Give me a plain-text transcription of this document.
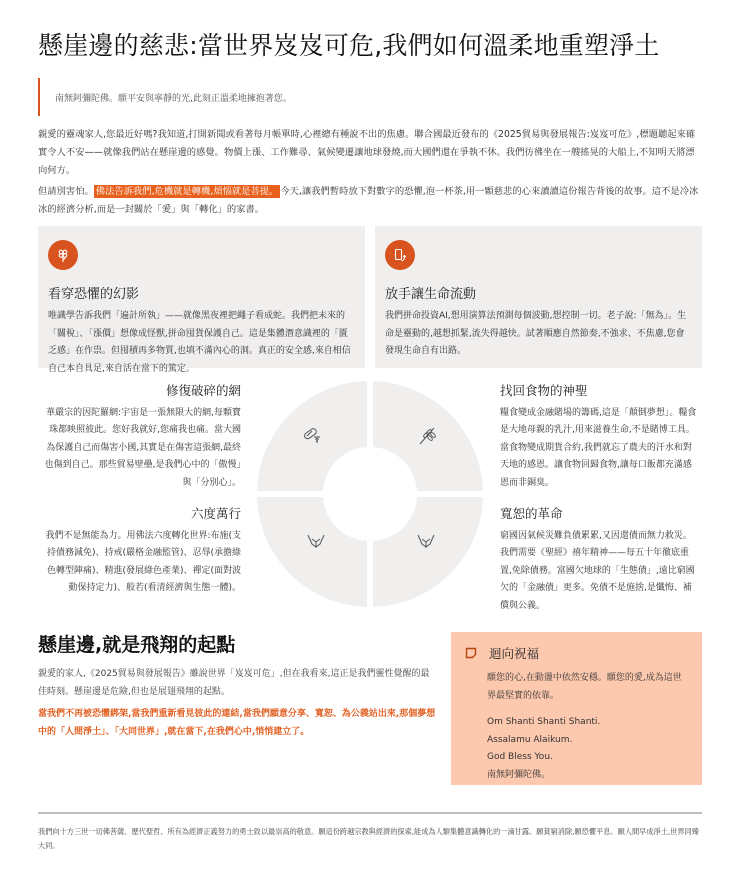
懸崖邊的慈悲:當世界岌岌可危,我們如何溫柔地重塑淨土
南無阿彌陀佛。願平安與寧靜的光,此刻正溫柔地擁抱著您。

親愛的靈魂家人,您最近好嗎?我知道,打開新聞或看著每月帳單時,心裡總有種說不出的焦慮。聯合國最近發布的《2025貿易與發展報告:岌岌可危》,標題聽起來確實令人不安——就像我們站在懸崖邊的感覺。物價上漲、工作難尋、氣候變遷讓地球發燒,而大國們還在爭執不休。我們彷彿坐在一艘搖晃的大船上,不知明天將漂向何方。

但請別害怕。 佛法告訴我們,危機就是轉機,煩惱就是菩提。 今天,讓我們暫時放下對數字的恐懼,泡一杯茶,用一顆慈悲的心來讀讀這份報告背後的故事。這不是冷冰冰的經濟分析,而是一封關於「愛」與「轉化」的家書。

看穿恐懼的幻影
唯識學告訴我們「遍計所執」——就像黑夜裡把繩子看成蛇。我們把未來的「關稅」、「漲價」想像成怪獸,拼命囤貨保護自己。這是集體潛意識裡的「匱乏感」在作祟。但囤積再多物質,也填不滿內心的洞。真正的安全感,來自相信自己本自具足,來自活在當下的篤定。
放手讓生命流動
我們拼命投資AI,想用演算法預測每個波動,想控制一切。老子說:「無為」。生命是靈動的,越想抓緊,流失得越快。試著順應自然節奏,不強求、不焦慮,您會發現生命自有出路。
修復破碎的網
華嚴宗的因陀羅網:宇宙是一張無限大的網,每顆寶珠都映照彼此。您好我就好,您痛我也痛。當大國為保護自己而傷害小國,其實是在傷害這張網,最終也傷到自己。那些貿易壁壘,是我們心中的「傲慢」與「分別心」。
找回食物的神聖
糧食變成金融賭場的籌碼,這是「顛倒夢想」。糧食是大地母親的乳汁,用來滋養生命,不是賭博工具。當食物變成期貨合約,我們就忘了農夫的汗水和對天地的感恩。讓食物回歸食物,讓每口飯都充滿感恩而非銅臭。
六度萬行
我們不是無能為力。用佛法六度轉化世界:布施(支持債務減免)、持戒(嚴格金融監管)、忍辱(承擔綠色轉型陣痛)、精進(發展綠色產業)、禪定(面對波動保持定力)、般若(看清經濟與生態一體)。
寬恕的革命
窮國因氣候災難負債累累,又因還債而無力救災。我們需要《聖經》禧年精神——每五十年徹底重置,免除債務。富國欠地球的「生態債」,遠比窮國欠的「金融債」更多。免債不是施捨,是懺悔、補償與公義。
懸崖邊,就是飛翔的起點

親愛的家人,《2025貿易與發展報告》雖說世界「岌岌可危」,但在我看來,這正是我們靈性覺醒的最佳時刻。懸崖邊是危險,但也是展翅飛翔的起點。

當我們不再被恐懼綁架,當我們重新看見彼此的連結,當我們願意分享、寬恕、為公義站出來,那個夢想中的「人間淨土」、「大同世界」,就在當下,在我們心中,悄悄建立了。

迴向祝福
願您的心,在動盪中依然安穩。願您的愛,成為這世界最堅實的依靠。
Om Shanti Shanti Shanti.
Assalamu Alaikum.
God Bless You.
南無阿彌陀佛。

我們向十方三世一切佛菩薩、歷代聖哲、所有為經濟正義努力的勇士致以最崇高的敬意。願這份跨越宗教與經濟的探索,能成為人類集體意識轉化的一滴甘露。願貧窮消除,願恐懼平息。願人間早成淨土,世界同臻大同。
